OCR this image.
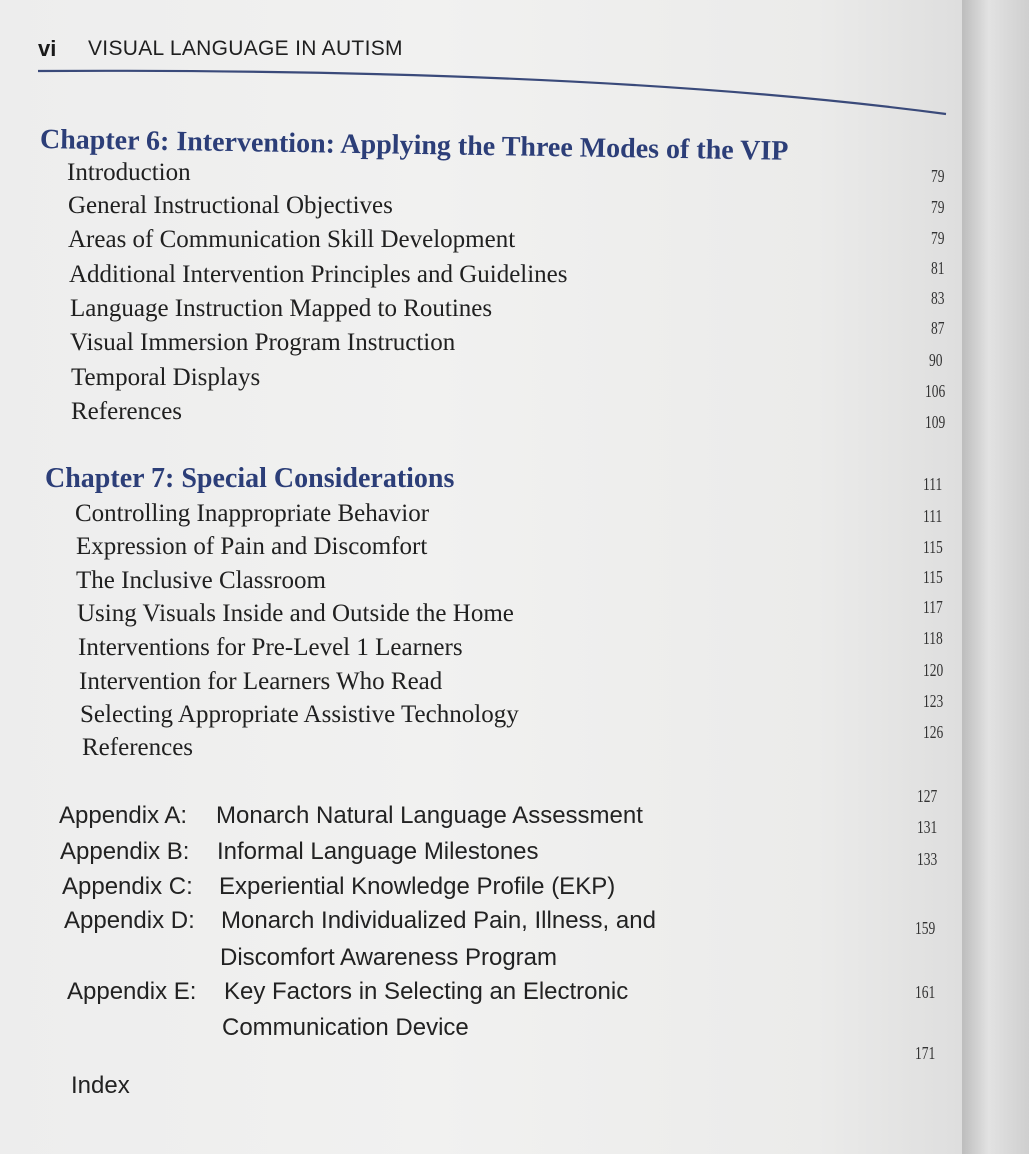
vi VISUAL LANGUAGE IN AUTISM
Chapter 6: Intervention: Applying the Three Modes of the VIP
Introduction
General Instructional Objectives
Areas of Communication Skill Development
Additional Intervention Principles and Guidelines
Language Instruction Mapped to Routines
Visual Immersion Program Instruction
Temporal Displays
References
79
79
79
81
83
87
90
106
109
Chapter 7: Special Considerations	111
Controlling Inappropriate Behavior
Expression of Pain and Discomfort
The Inclusive Classroom
Using Visuals Inside and Outside the Home
Interventions for Pre-Level 1 Learners
Intervention for Learners Who Read
Selecting Appropriate Assistive Technology
References
111
115
115
117
118
120
123
126
Appendix A: Monarch Natural Language Assessment
Appendix B: Informal Language Milestones
Appendix C: Experiential Knowledge Profile (EKP)
Appendix D: Monarch Individualized Pain, Illness, and
Discomfort Awareness Program
Appendix E: Key Factors in Selecting an Electronic
Communication Device
127
131
133
159
161
Index
171
